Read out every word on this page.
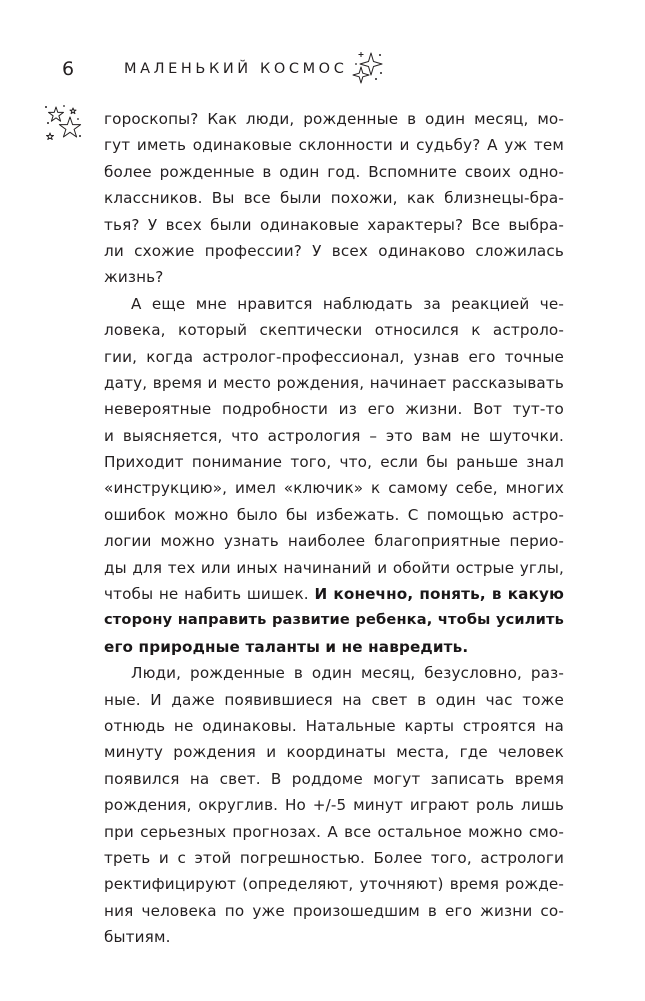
6	МАЛЕНЬКИЙ КОСМОС
гороскопы? Как люди, рожденные в один месяц, мо-
гут иметь одинаковые склонности и судьбу? А уж тем
более рожденные в один год. Вспомните своих одно-
классников. Вы все были похожи, как близнецы-бра-
тья? У всех были одинаковые характеры? Все выбра-
ли схожие профессии? У всех одинаково сложилась
жизнь?
А еще мне нравится наблюдать за реакцией че-
ловека, который скептически относился к астроло-
гии, когда астролог-профессионал, узнав его точные
дату, время и место рождения, начинает рассказывать
невероятные подробности из его жизни. Вот тут-то
и выясняется, что астрология – это вам не шуточки.
Приходит понимание того, что, если бы раньше знал
«инструкцию», имел «ключик» к самому себе, многих
ошибок можно было бы избежать. С помощью астро-
логии можно узнать наиболее благоприятные перио-
ды для тех или иных начинаний и обойти острые углы,
чтобы не набить шишек. И конечно, понять, в какую
сторону направить развитие ребенка, чтобы усилить
его природные таланты и не навредить.
Люди, рожденные в один месяц, безусловно, раз-
ные. И даже появившиеся на свет в один час тоже
отнюдь не одинаковы. Натальные карты строятся на
минуту рождения и координаты места, где человек
появился на свет. В роддоме могут записать время
рождения, округлив. Но +/-5 минут играют роль лишь
при серьезных прогнозах. А все остальное можно смо-
треть и с этой погрешностью. Более того, астрологи
ректифицируют (определяют, уточняют) время рожде-
ния человека по уже произошедшим в его жизни со-
бытиям.
